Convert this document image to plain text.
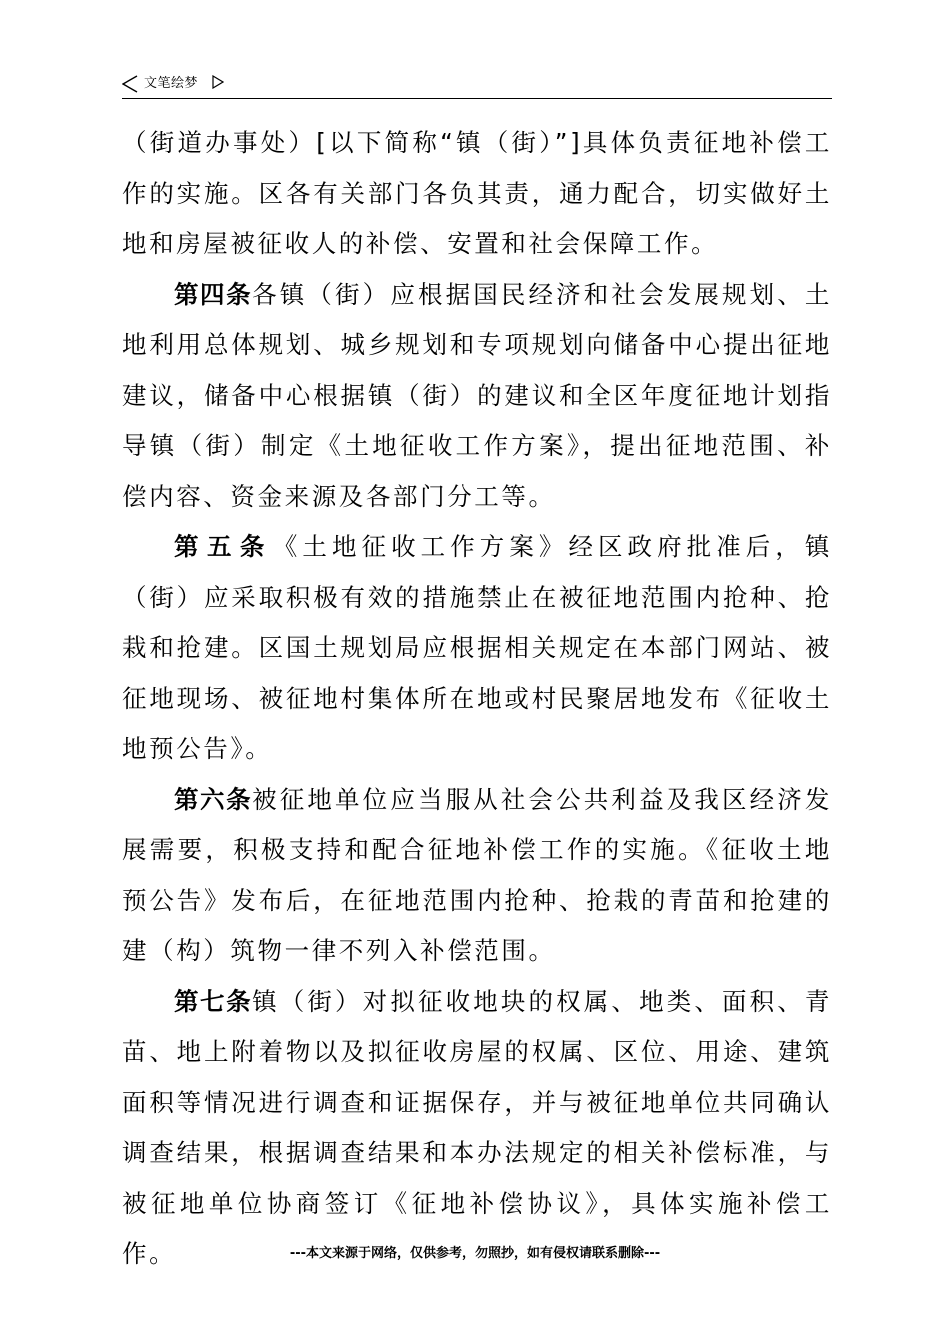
文笔绘梦

（街道办事处）[以下简称“镇（街）”]具体负责征地补偿工作的实施。区各有关部门各负其责，通力配合，切实做好土地和房屋被征收人的补偿、安置和社会保障工作。

第四条各镇（街）应根据国民经济和社会发展规划、土地利用总体规划、城乡规划和专项规划向储备中心提出征地建议，储备中心根据镇（街）的建议和全区年度征地计划指导镇（街）制定《土地征收工作方案》，提出征地范围、补偿内容、资金来源及各部门分工等。

第五条《土地征收工作方案》经区政府批准后，镇（街）应采取积极有效的措施禁止在被征地范围内抢种、抢栽和抢建。区国土规划局应根据相关规定在本部门网站、被征地现场、被征地村集体所在地或村民聚居地发布《征收土地预公告》。

第六条被征地单位应当服从社会公共利益及我区经济发展需要，积极支持和配合征地补偿工作的实施。《征收土地预公告》发布后，在征地范围内抢种、抢栽的青苗和抢建的建（构）筑物一律不列入补偿范围。

第七条镇（街）对拟征收地块的权属、地类、面积、青苗、地上附着物以及拟征收房屋的权属、区位、用途、建筑面积等情况进行调查和证据保存，并与被征地单位共同确认调查结果，根据调查结果和本办法规定的相关补偿标准，与被征地单位协商签订《征地补偿协议》，具体实施补偿工作。	---本文来源于网络，仅供参考，勿照抄，如有侵权请联系删除---
